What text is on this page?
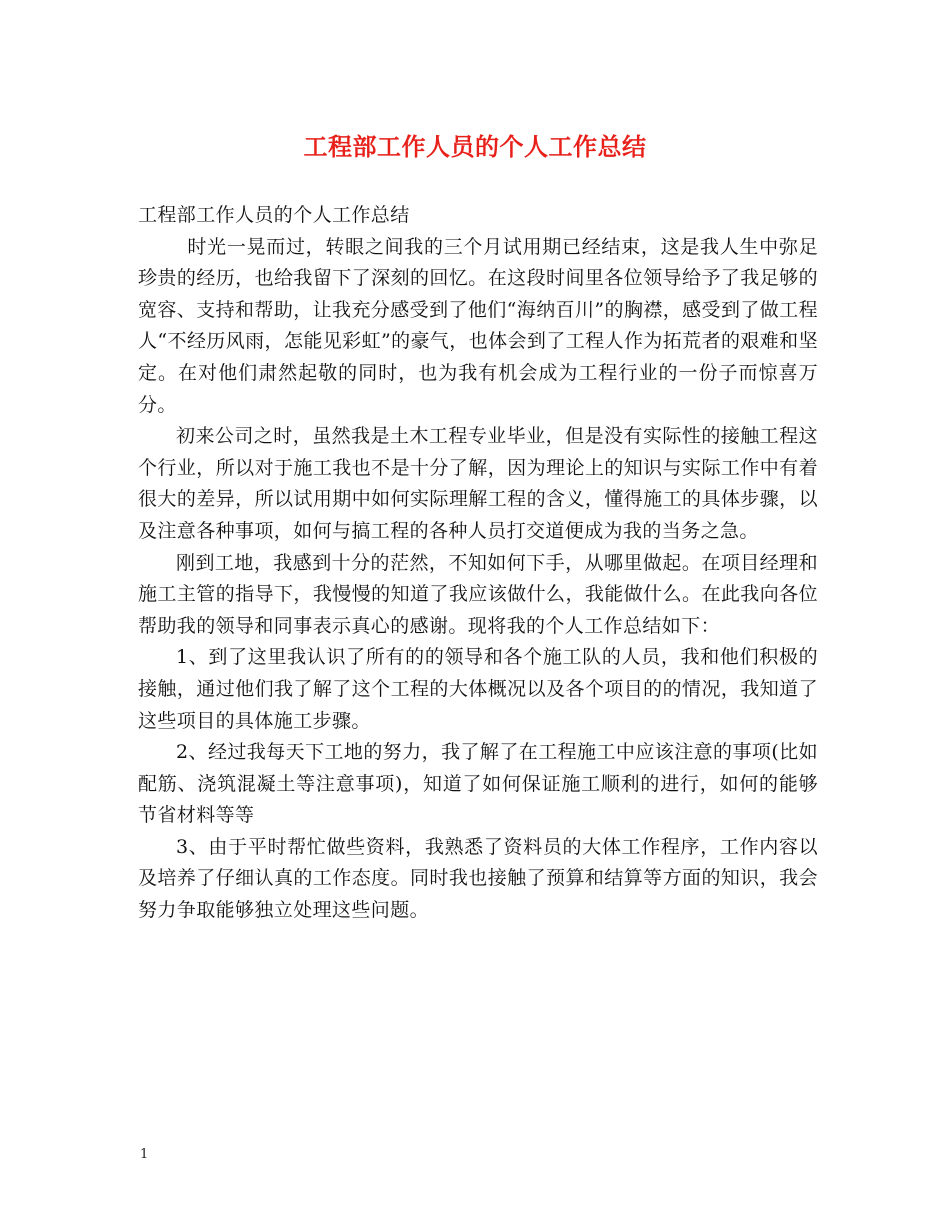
工程部工作人员的个人工作总结

工程部工作人员的个人工作总结

时光一晃而过，转眼之间我的三个月试用期已经结束，这是我人生中弥足珍贵的经历，也给我留下了深刻的回忆。在这段时间里各位领导给予了我足够的宽容、支持和帮助，让我充分感受到了他们“海纳百川”的胸襟，感受到了做工程人“不经历风雨，怎能见彩虹”的豪气，也体会到了工程人作为拓荒者的艰难和坚定。在对他们肃然起敬的同时，也为我有机会成为工程行业的一份子而惊喜万分。

初来公司之时，虽然我是土木工程专业毕业，但是没有实际性的接触工程这个行业，所以对于施工我也不是十分了解，因为理论上的知识与实际工作中有着很大的差异，所以试用期中如何实际理解工程的含义，懂得施工的具体步骤，以及注意各种事项，如何与搞工程的各种人员打交道便成为我的当务之急。

刚到工地，我感到十分的茫然，不知如何下手，从哪里做起。在项目经理和施工主管的指导下，我慢慢的知道了我应该做什么，我能做什么。在此我向各位帮助我的领导和同事表示真心的感谢。现将我的个人工作总结如下：

1、到了这里我认识了所有的的领导和各个施工队的人员，我和他们积极的接触，通过他们我了解了这个工程的大体概况以及各个项目的的情况，我知道了这些项目的具体施工步骤。

2、经过我每天下工地的努力，我了解了在工程施工中应该注意的事项(比如配筋、浇筑混凝土等注意事项)，知道了如何保证施工顺利的进行，如何的能够节省材料等等

3、由于平时帮忙做些资料，我熟悉了资料员的大体工作程序，工作内容以及培养了仔细认真的工作态度。同时我也接触了预算和结算等方面的知识，我会努力争取能够独立处理这些问题。

1
